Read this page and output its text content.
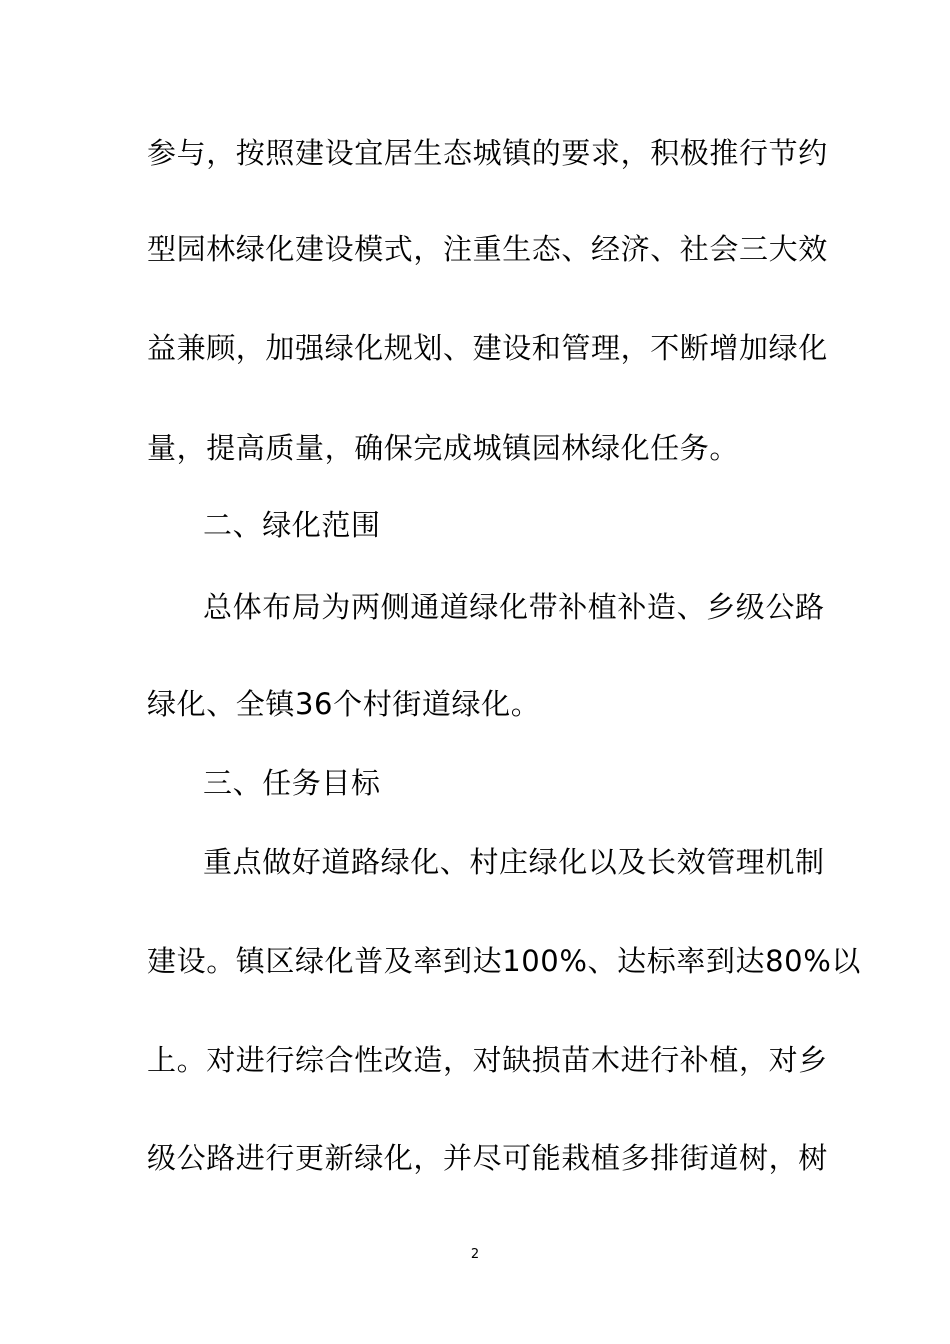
参与，按照建设宜居生态城镇的要求，积极推行节约
型园林绿化建设模式，注重生态、经济、社会三大效
益兼顾，加强绿化规划、建设和管理，不断增加绿化
量，提高质量，确保完成城镇园林绿化任务。
二、绿化范围
总体布局为两侧通道绿化带补植补造、乡级公路
绿化、全镇36个村街道绿化。
三、任务目标
重点做好道路绿化、村庄绿化以及长效管理机制
建设。镇区绿化普及率到达100%、达标率到达80%以
上。对进行综合性改造，对缺损苗木进行补植，对乡
级公路进行更新绿化，并尽可能栽植多排街道树，树
2
